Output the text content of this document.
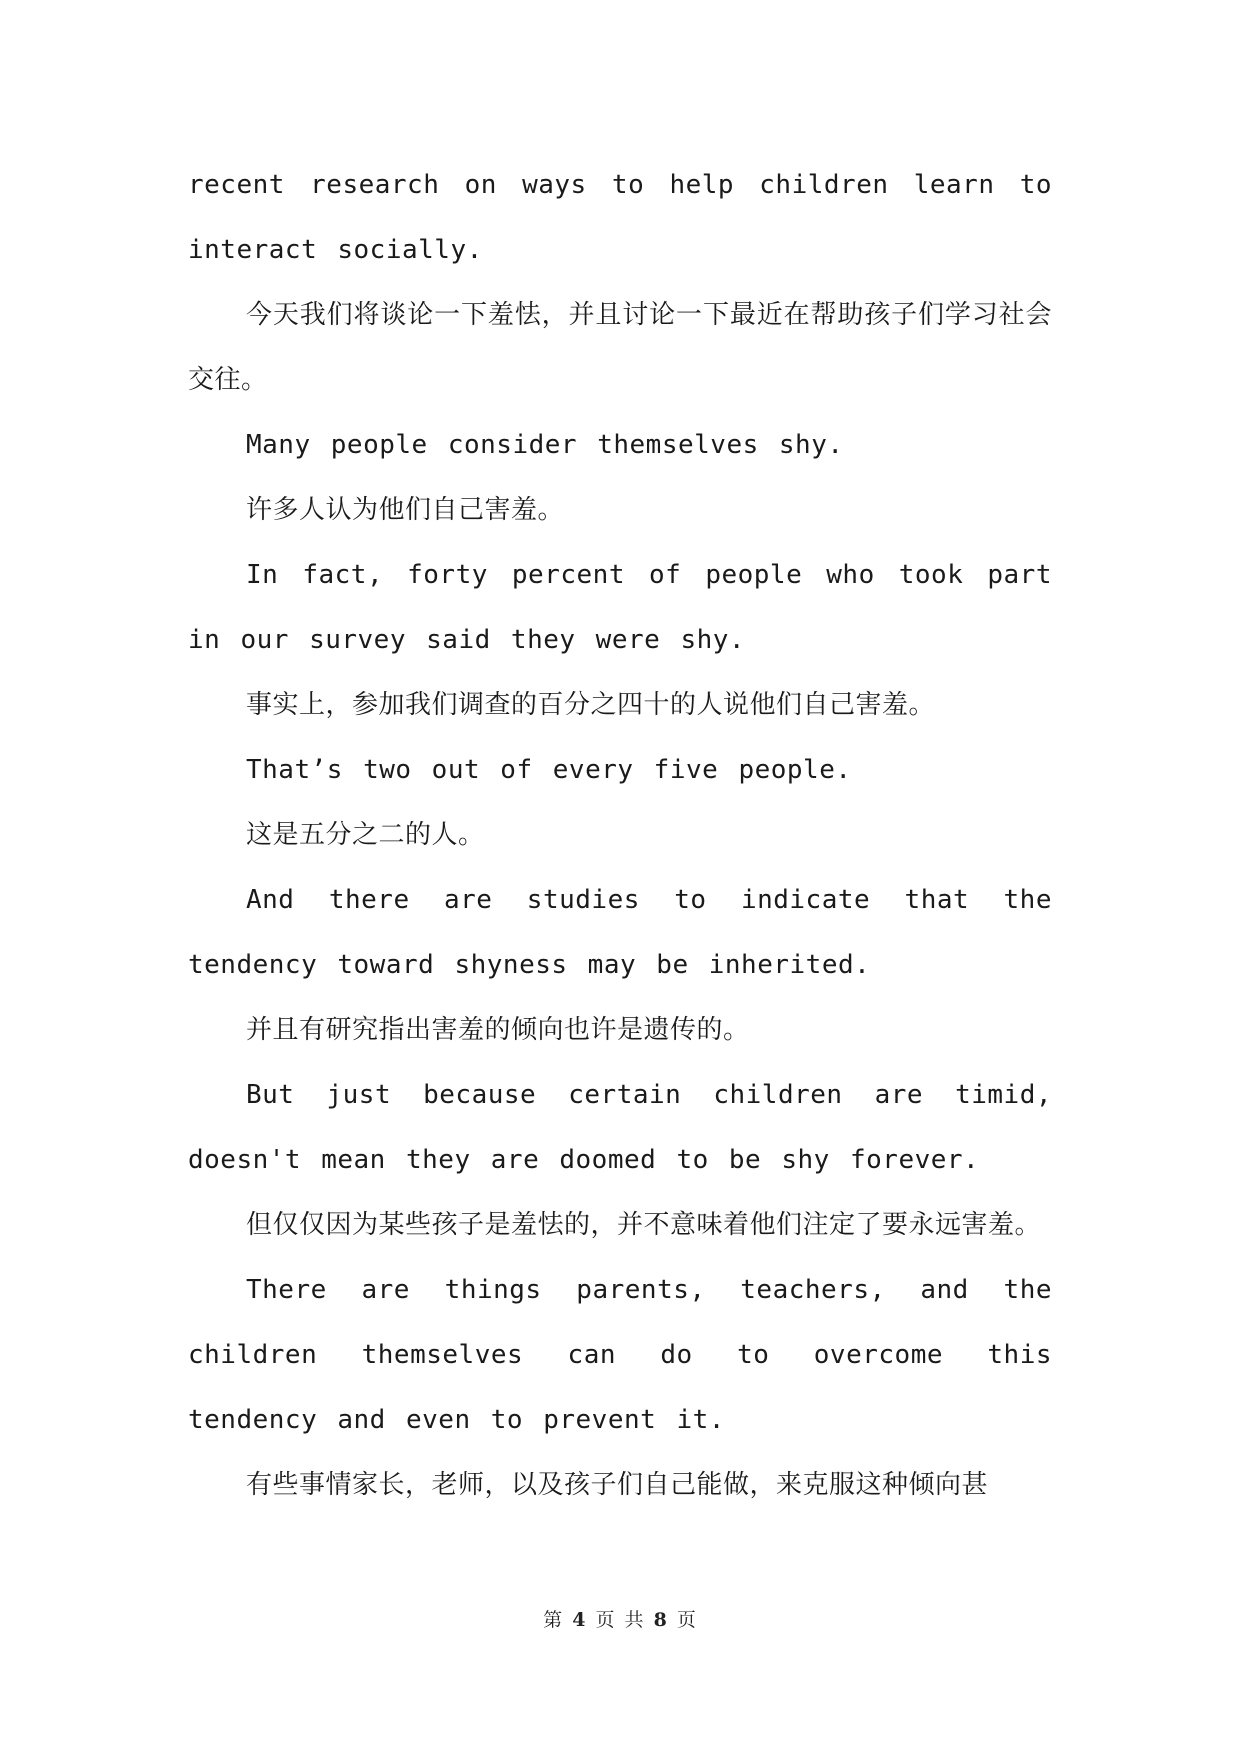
recent research on ways to help children learn to interact socially.

今天我们将谈论一下羞怯，并且讨论一下最近在帮助孩子们学习社会交往。

Many people consider themselves shy.

许多人认为他们自己害羞。

In fact, forty percent of people who took part in our survey said they were shy.

事实上，参加我们调查的百分之四十的人说他们自己害羞。

That’s two out of every five people.

这是五分之二的人。

And there are studies to indicate that the tendency toward shyness may be inherited.

并且有研究指出害羞的倾向也许是遗传的。

But just because certain children are timid, doesn't mean they are doomed to be shy forever.

但仅仅因为某些孩子是羞怯的，并不意味着他们注定了要永远害羞。

There are things parents, teachers, and the children themselves can do to overcome this tendency and even to prevent it.

有些事情家长，老师，以及孩子们自己能做，来克服这种倾向甚

第 4 页 共 8 页
